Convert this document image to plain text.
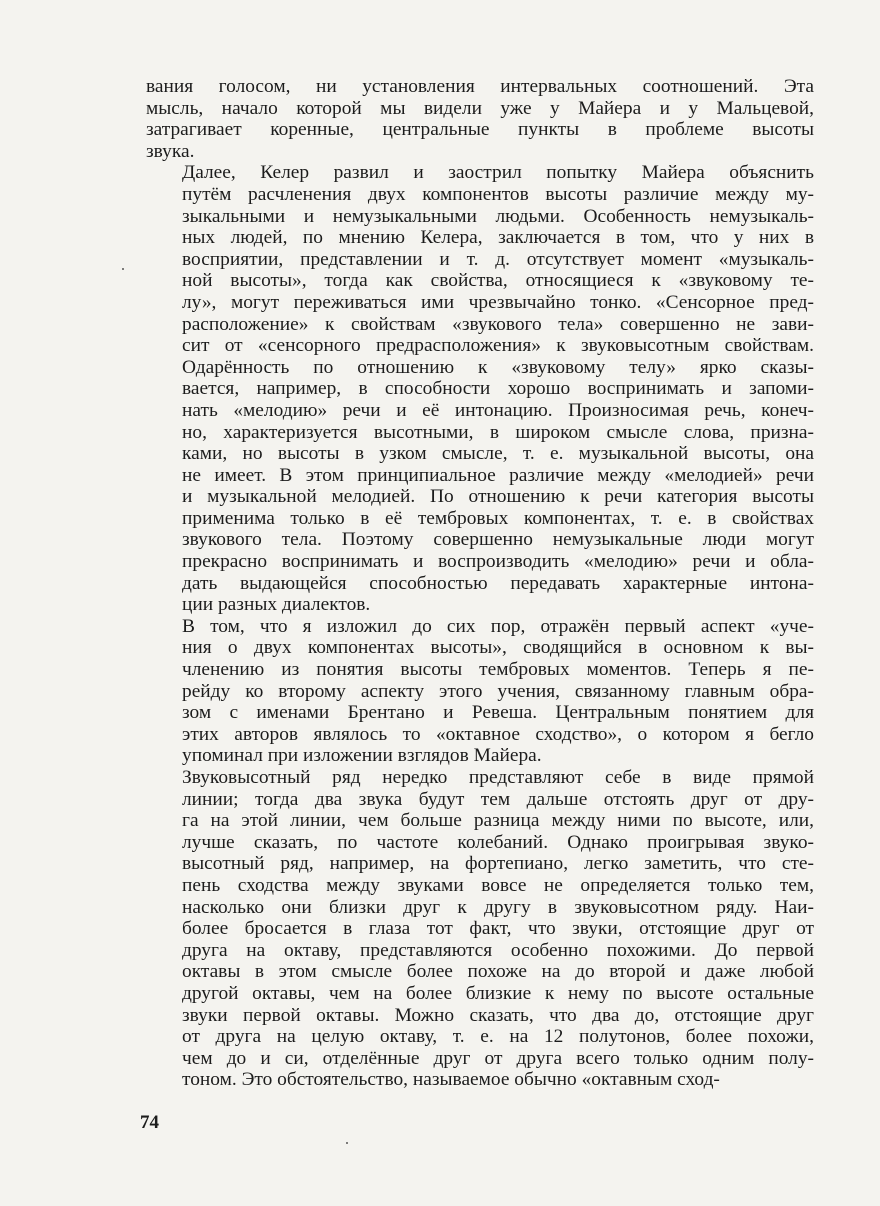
вания голосом, ни установления интервальных соотношений. Эта
мысль, начало которой мы видели уже у Майера и у Мальцевой,
затрагивает коренные, центральные пункты в проблеме высоты
звука.
Далее, Келер развил и заострил попытку Майера объяснить
путём расчленения двух компонентов высоты различие между му-
зыкальными и немузыкальными людьми. Особенность немузыкаль-
ных людей, по мнению Келера, заключается в том, что у них в
восприятии, представлении и т. д. отсутствует момент «музыкаль-
ной высоты», тогда как свойства, относящиеся к «звуковому те-
лу», могут переживаться ими чрезвычайно тонко. «Сенсорное пред-
расположение» к свойствам «звукового тела» совершенно не зави-
сит от «сенсорного предрасположения» к звуковысотным свойствам.
Одарённость по отношению к «звуковому телу» ярко сказы-
вается, например, в способности хорошо воспринимать и запоми-
нать «мелодию» речи и её интонацию. Произносимая речь, конеч-
но, характеризуется высотными, в широком смысле слова, призна-
ками, но высоты в узком смысле, т. е. музыкальной высоты, она
не имеет. В этом принципиальное различие между «мелодией» речи
и музыкальной мелодией. По отношению к речи категория высоты
применима только в её тембровых компонентах, т. е. в свойствах
звукового тела. Поэтому совершенно немузыкальные люди могут
прекрасно воспринимать и воспроизводить «мелодию» речи и обла-
дать выдающейся способностью передавать характерные интона-
ции разных диалектов.
В том, что я изложил до сих пор, отражён первый аспект «уче-
ния о двух компонентах высоты», сводящийся в основном к вы-
членению из понятия высоты тембровых моментов. Теперь я пе-
рейду ко второму аспекту этого учения, связанному главным обра-
зом с именами Брентано и Ревеша. Центральным понятием для
этих авторов являлось то «октавное сходство», о котором я бегло
упоминал при изложении взглядов Майера.
Звуковысотный ряд нередко представляют себе в виде прямой
линии; тогда два звука будут тем дальше отстоять друг от дру-
га на этой линии, чем больше разница между ними по высоте, или,
лучше сказать, по частоте колебаний. Однако проигрывая звуко-
высотный ряд, например, на фортепиано, легко заметить, что сте-
пень сходства между звуками вовсе не определяется только тем,
насколько они близки друг к другу в звуковысотном ряду. Наи-
более бросается в глаза тот факт, что звуки, отстоящие друг от
друга на октаву, представляются особенно похожими. До первой
октавы в этом смысле более похоже на до второй и даже любой
другой октавы, чем на более близкие к нему по высоте остальные
звуки первой октавы. Можно сказать, что два до, отстоящие друг
от друга на целую октаву, т. е. на 12 полутонов, более похожи,
чем до и си, отделённые друг от друга всего только одним полу-
тоном. Это обстоятельство, называемое обычно «октавным сход-
74
